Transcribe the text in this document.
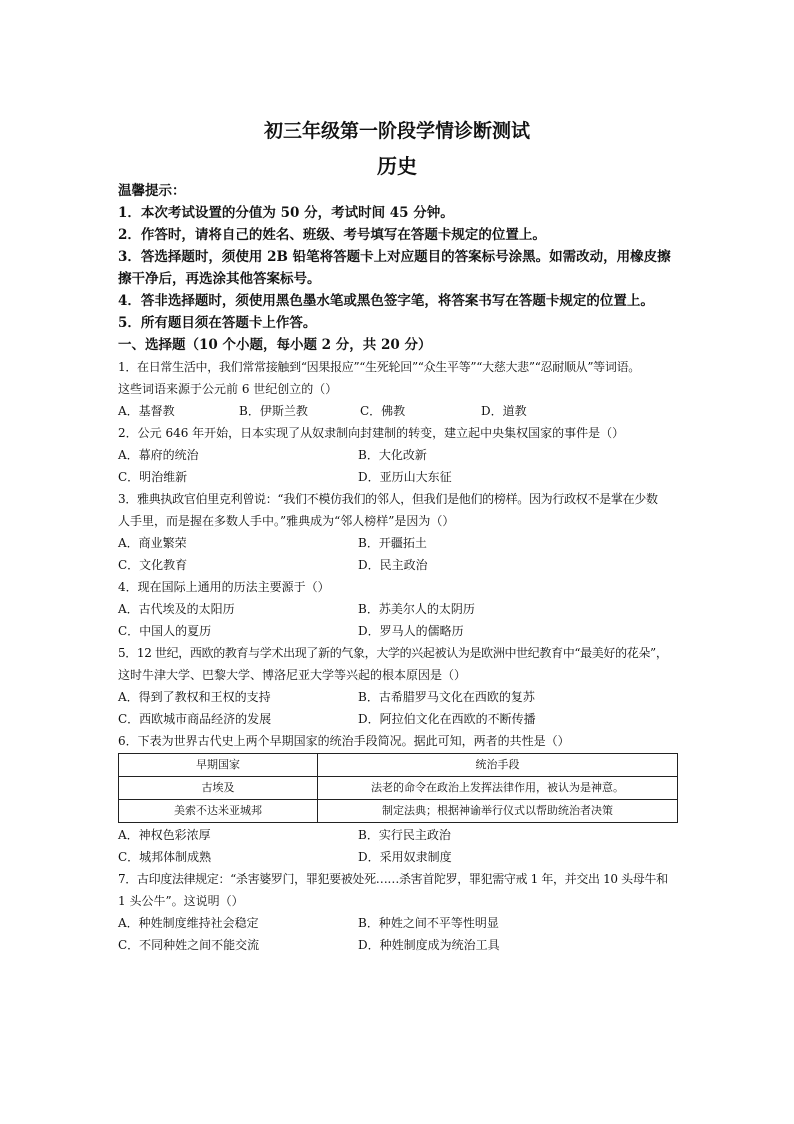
初三年级第一阶段学情诊断测试
历史
温馨提示：
1．本次考试设置的分值为 50 分，考试时间 45 分钟。
2．作答时，请将自己的姓名、班级、考号填写在答题卡规定的位置上。
3．答选择题时，须使用 2B 铅笔将答题卡上对应题目的答案标号涂黑。如需改动，用橡皮擦
擦干净后，再选涂其他答案标号。
4．答非选择题时，须使用黑色墨水笔或黑色签字笔，将答案书写在答题卡规定的位置上。
5．所有题目须在答题卡上作答。
一、选择题（10 个小题，每小题 2 分，共 20 分）
1．在日常生活中，我们常常接触到“因果报应”“生死轮回”“众生平等”“大慈大悲”“忍耐顺从”等词语。
这些词语来源于公元前 6 世纪创立的（）
A．基督教	B．伊斯兰教	C．佛教	D．道教
2．公元 646 年开始，日本实现了从奴隶制向封建制的转变，建立起中央集权国家的事件是（）
A．幕府的统治	B．大化改新
C．明治维新	D．亚历山大东征
3．雅典执政官伯里克利曾说：“我们不模仿我们的邻人，但我们是他们的榜样。因为行政权不是掌在少数
人手里，而是握在多数人手中。”雅典成为“邻人榜样”是因为（）
A．商业繁荣	B．开疆拓土
C．文化教育	D．民主政治
4．现在国际上通用的历法主要源于（）
A．古代埃及的太阳历	B．苏美尔人的太阴历
C．中国人的夏历	D．罗马人的儒略历
5．12 世纪，西欧的教育与学术出现了新的气象，大学的兴起被认为是欧洲中世纪教育中“最美好的花朵”，
这时牛津大学、巴黎大学、博洛尼亚大学等兴起的根本原因是（）
A．得到了教权和王权的支持	B．古希腊罗马文化在西欧的复苏
C．西欧城市商品经济的发展	D．阿拉伯文化在西欧的不断传播
6．下表为世界古代史上两个早期国家的统治手段简况。据此可知，两者的共性是（）
早期国家	统治手段
古埃及	法老的命令在政治上发挥法律作用，被认为是神意。
美索不达米亚城邦	制定法典；根据神谕举行仪式以帮助统治者决策
A．神权色彩浓厚	B．实行民主政治
C．城邦体制成熟	D．采用奴隶制度
7．古印度法律规定：“杀害婆罗门，罪犯要被处死……杀害首陀罗，罪犯需守戒 1 年，并交出 10 头母牛和
1 头公牛”。这说明（）
A．种姓制度维持社会稳定	B．种姓之间不平等性明显
C．不同种姓之间不能交流	D．种姓制度成为统治工具
